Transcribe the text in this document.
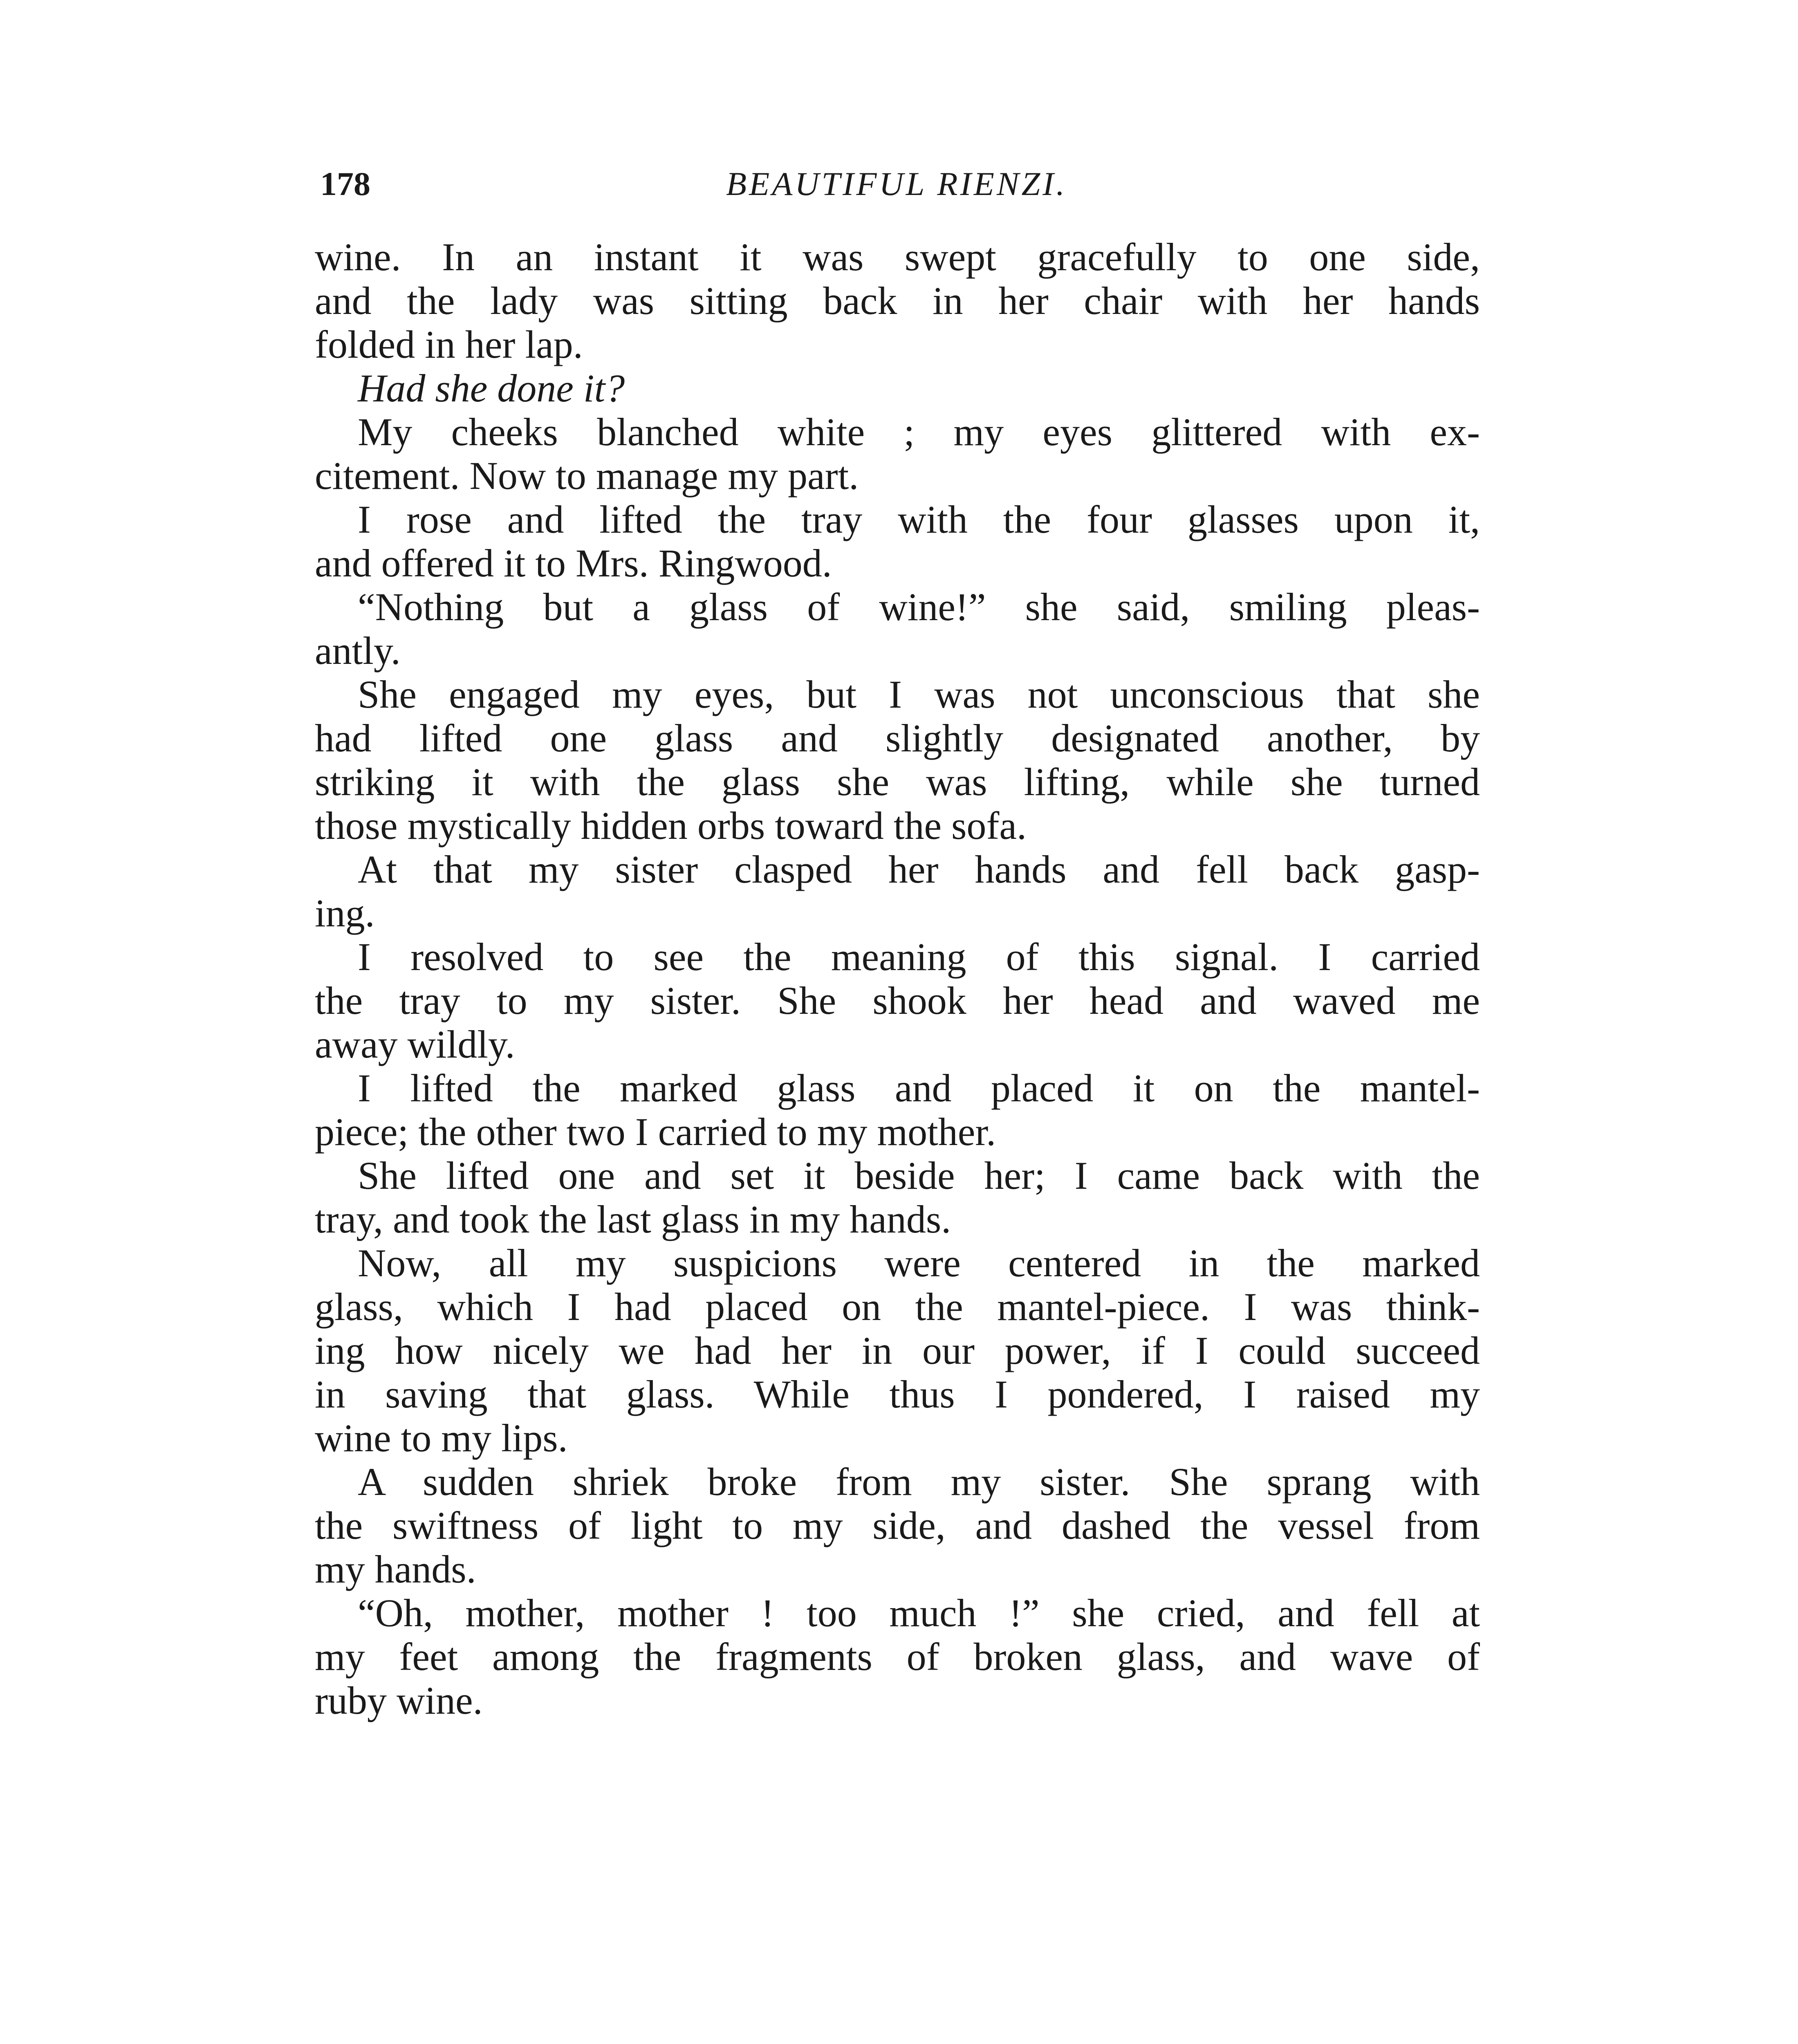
178	BEAUTIFUL RIENZI.
wine. In an instant it was swept gracefully to one side,
and the lady was sitting back in her chair with her hands
folded in her lap.
Had she done it?
My cheeks blanched white ; my eyes glittered with ex-
citement. Now to manage my part.
I rose and lifted the tray with the four glasses upon it,
and offered it to Mrs. Ringwood.
“Nothing but a glass of wine!” she said, smiling pleas-
antly.
She engaged my eyes, but I was not unconscious that she
had lifted one glass and slightly designated another, by
striking it with the glass she was lifting, while she turned
those mystically hidden orbs toward the sofa.
At that my sister clasped her hands and fell back gasp-
ing.
I resolved to see the meaning of this signal. I carried
the tray to my sister. She shook her head and waved me
away wildly.
I lifted the marked glass and placed it on the mantel-
piece; the other two I carried to my mother.
She lifted one and set it beside her; I came back with the
tray, and took the last glass in my hands.
Now, all my suspicions were centered in the marked
glass, which I had placed on the mantel-piece. I was think-
ing how nicely we had her in our power, if I could succeed
in saving that glass. While thus I pondered, I raised my
wine to my lips.
A sudden shriek broke from my sister. She sprang with
the swiftness of light to my side, and dashed the vessel from
my hands.
“Oh, mother, mother ! too much !” she cried, and fell at
my feet among the fragments of broken glass, and wave of
ruby wine.
